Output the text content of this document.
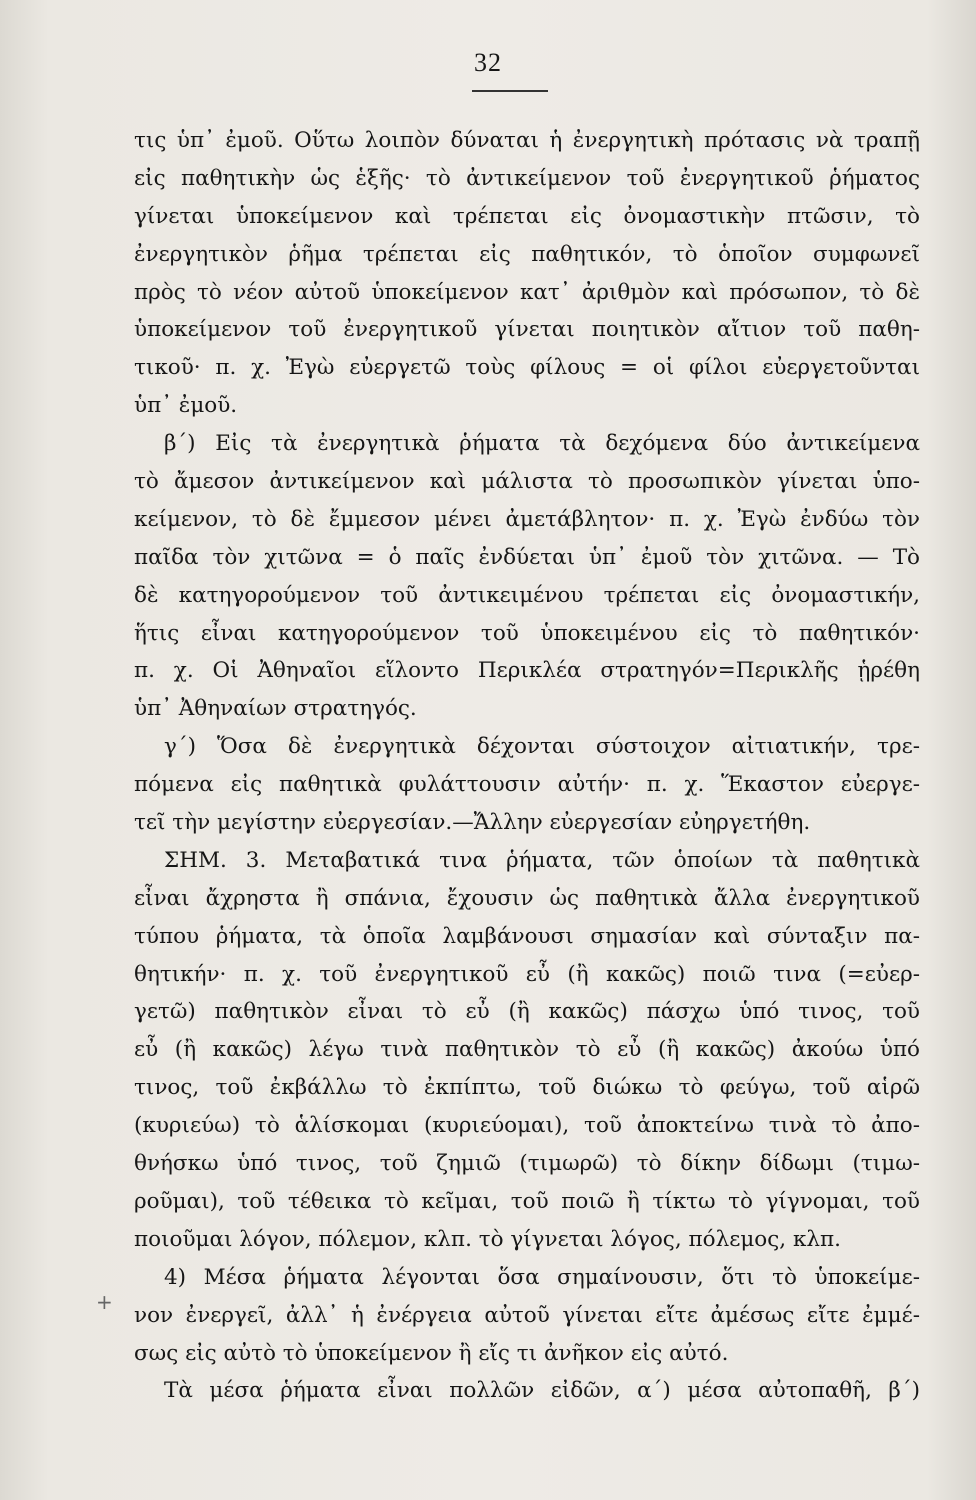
32
+
τις ὑπ᾽ ἐμοῦ. Οὕτω λοιπὸν δύναται ἡ ἐνεργητικὴ πρότασις νὰ τραπῇ
εἰς παθητικὴν ὡς ἑξῆς· τὸ ἀντικείμενον τοῦ ἐνεργητικοῦ ῥήματος
γίνεται ὑποκείμενον καὶ τρέπεται εἰς ὀνομαστικὴν πτῶσιν, τὸ
ἐνεργητικὸν ῥῆμα τρέπεται εἰς παθητικόν, τὸ ὁποῖον συμφωνεῖ
πρὸς τὸ νέον αὐτοῦ ὑποκείμενον κατ᾽ ἀριθμὸν καὶ πρόσωπον, τὸ δὲ
ὑποκείμενον τοῦ ἐνεργητικοῦ γίνεται ποιητικὸν αἴτιον τοῦ παθη-
τικοῦ· π. χ. Ἐγὼ εὐεργετῶ τοὺς φίλους = οἱ φίλοι εὐεργετοῦνται
ὑπ᾽ ἐμοῦ.
β´) Εἰς τὰ ἐνεργητικὰ ῥήματα τὰ δεχόμενα δύο ἀντικείμενα
τὸ ἄμεσον ἀντικείμενον καὶ μάλιστα τὸ προσωπικὸν γίνεται ὑπο-
κείμενον, τὸ δὲ ἔμμεσον μένει ἀμετάβλητον· π. χ. Ἐγὼ ἐνδύω τὸν
παῖδα τὸν χιτῶνα = ὁ παῖς ἐνδύεται ὑπ᾽ ἐμοῦ τὸν χιτῶνα. — Τὸ
δὲ κατηγορούμενον τοῦ ἀντικειμένου τρέπεται εἰς ὀνομαστικήν,
ἥτις εἶναι κατηγορούμενον τοῦ ὑποκειμένου εἰς τὸ παθητικόν·
π. χ. Οἱ Ἀθηναῖοι εἵλοντο Περικλέα στρατηγόν=Περικλῆς ᾑρέθη
ὑπ᾽ Ἀθηναίων στρατηγός.
γ´) Ὅσα δὲ ἐνεργητικὰ δέχονται σύστοιχον αἰτιατικήν, τρε-
πόμενα εἰς παθητικὰ φυλάττουσιν αὐτήν· π. χ. Ἕκαστον εὐεργε-
τεῖ τὴν μεγίστην εὐεργεσίαν.—Ἄλλην εὐεργεσίαν εὐηργετήθη.
ΣΗΜ. 3. Μεταβατικά τινα ῥήματα, τῶν ὁποίων τὰ παθητικὰ
εἶναι ἄχρηστα ἢ σπάνια, ἔχουσιν ὡς παθητικὰ ἄλλα ἐνεργητικοῦ
τύπου ῥήματα, τὰ ὁποῖα λαμβάνουσι σημασίαν καὶ σύνταξιν πα-
θητικήν· π. χ. τοῦ ἐνεργητικοῦ εὖ (ἢ κακῶς) ποιῶ τινα (=εὐερ-
γετῶ) παθητικὸν εἶναι τὸ εὖ (ἢ κακῶς) πάσχω ὑπό τινος, τοῦ
εὖ (ἢ κακῶς) λέγω τινὰ παθητικὸν τὸ εὖ (ἢ κακῶς) ἀκούω ὑπό
τινος, τοῦ ἐκβάλλω τὸ ἐκπίπτω, τοῦ διώκω τὸ φεύγω, τοῦ αἱρῶ
(κυριεύω) τὸ ἁλίσκομαι (κυριεύομαι), τοῦ ἀποκτείνω τινὰ τὸ ἀπο-
θνήσκω ὑπό τινος, τοῦ ζημιῶ (τιμωρῶ) τὸ δίκην δίδωμι (τιμω-
ροῦμαι), τοῦ τέθεικα τὸ κεῖμαι, τοῦ ποιῶ ἢ τίκτω τὸ γίγνομαι, τοῦ
ποιοῦμαι λόγον, πόλεμον, κλπ. τὸ γίγνεται λόγος, πόλεμος, κλπ.
4) Μέσα ῥήματα λέγονται ὅσα σημαίνουσιν, ὅτι τὸ ὑποκείμε-
νον ἐνεργεῖ, ἀλλ᾽ ἡ ἐνέργεια αὐτοῦ γίνεται εἴτε ἀμέσως εἴτε ἐμμέ-
σως εἰς αὐτὸ τὸ ὑποκείμενον ἢ εἴς τι ἀνῆκον εἰς αὐτό.
Τὰ μέσα ῥήματα εἶναι πολλῶν εἰδῶν, α´) μέσα αὐτοπαθῆ, β´)
